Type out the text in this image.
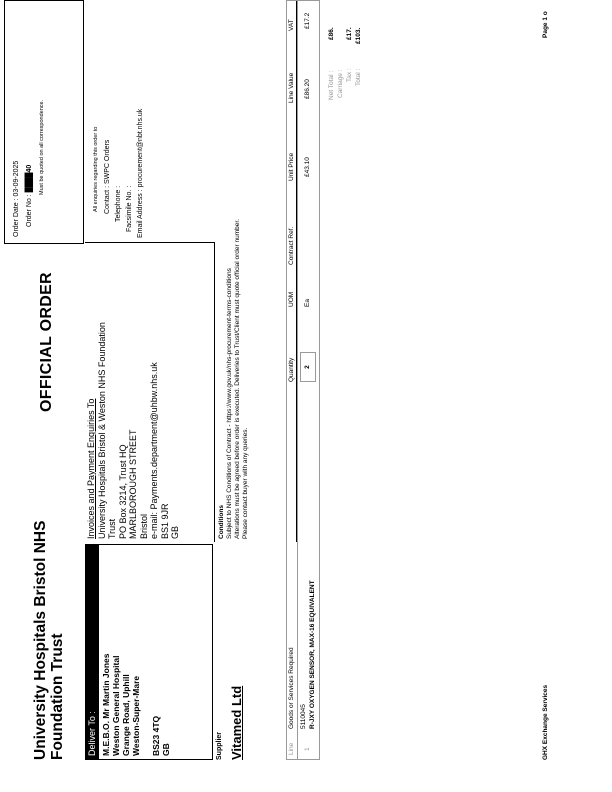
University Hospitals Bristol NHS Foundation Trust
OFFICIAL ORDER
Order Date : 03-09-2025
Order No : ████40 Must be quoted on all correspondence.
Deliver To : M.E.B.O. Mr Martin Jones Weston General Hospital Grange Road, Uphill Weston-Super-Mare BS23 4TQ GB
Invoices and Payment Enquiries To University Hospitals Bristol & Weston NHS Foundation Trust PO Box 3214, Trust HQ MARLBOROUGH STREET Bristol e-mail: Payments.department@uhbw.nhs.uk BS1 9JR GB
All enquiries regarding this order to Contact : SWPC Orders
Telephone : Facsimile No. : Email Address : procurement@nbt.nhs.uk
Supplier Vitamed Ltd
Conditions Subject to NHS Conditions of Contract - https://www.gov.uk/nhs-procurement-terms-conditions Alterations must be agreed before order is executed. Deliveries to Trust/Client must quote official order number. Please contact buyer with any queries.
Line
Goods or Services Required
Quantity
UOM
Contract Ref.
Unit Price
Line Value
VAT
1
5110045 R-JXY OXYGEN SENSOR, MAX-16 EQUIVALENT
2
Ea
£43.10
£86.20
£17.2
Net Total :
£86.
Carriage : Tax :
£17.
Total :
£103.
GHX Exchange Services
Page 1 o
